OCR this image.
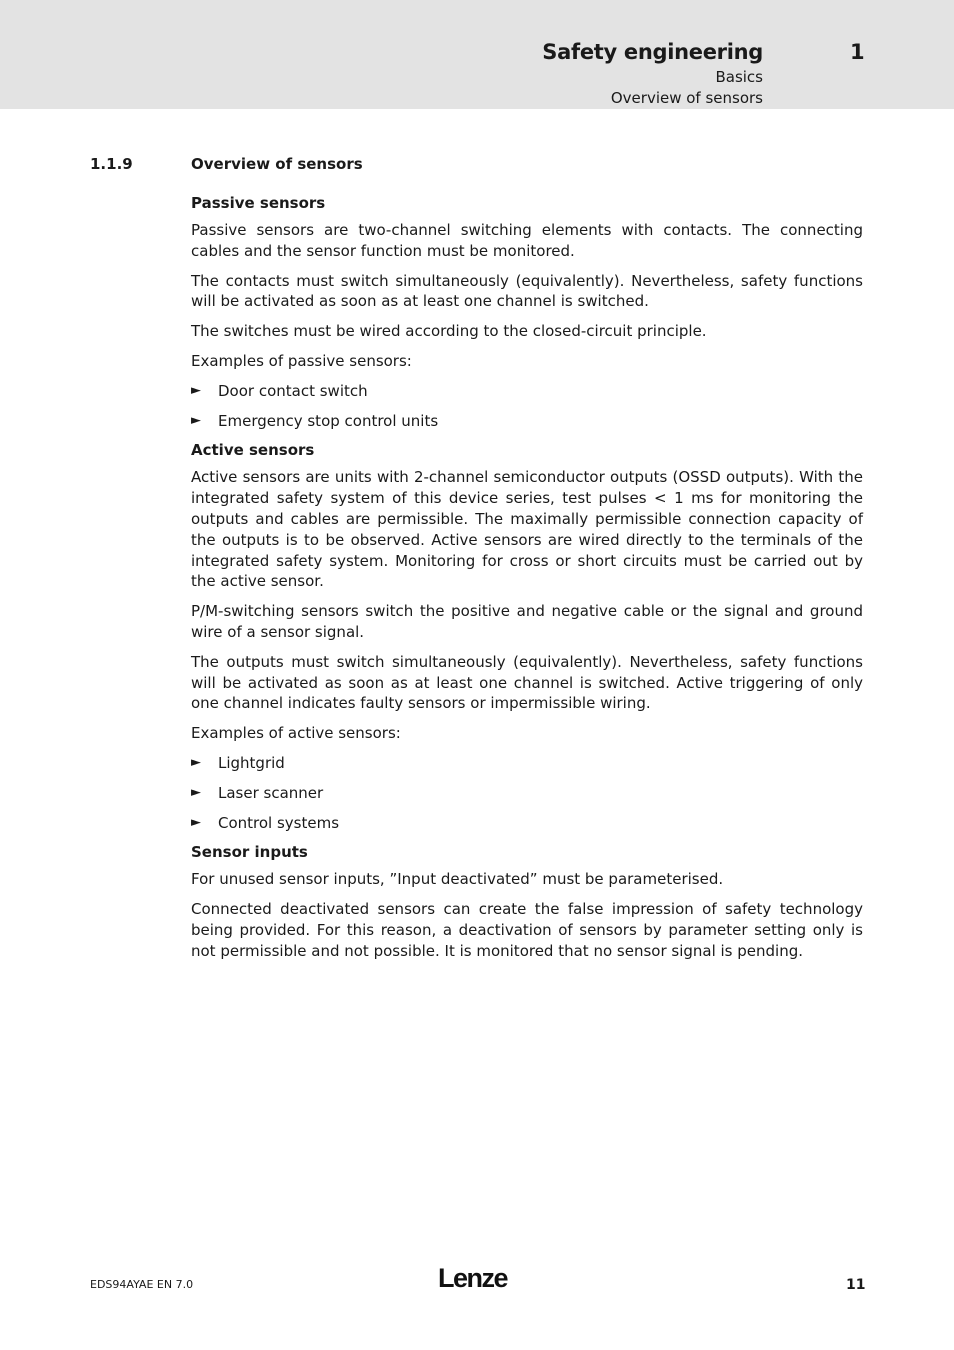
Safety engineering	1
Basics
Overview of sensors
1.1.9	Overview of sensors
Passive sensors

Passive sensors are two-channel switching elements with contacts. The connecting cables and the sensor function must be monitored.

The contacts must switch simultaneously (equivalently). Nevertheless, safety functions will be activated as soon as at least one channel is switched.

The switches must be wired according to the closed-circuit principle.

Examples of passive sensors:

► Door contact switch
► Emergency stop control units
Active sensors

Active sensors are units with 2-channel semiconductor outputs (OSSD outputs). With the integrated safety system of this device series, test pulses < 1 ms for monitoring the outputs and cables are permissible. The maximally permissible connection capacity of the outputs is to be observed. Active sensors are wired directly to the terminals of the integrated safety system. Monitoring for cross or short circuits must be carried out by the active sensor.

P/M-switching sensors switch the positive and negative cable or the signal and ground wire of a sensor signal.

The outputs must switch simultaneously (equivalently). Nevertheless, safety functions will be activated as soon as at least one channel is switched. Active triggering of only one channel indicates faulty sensors or impermissible wiring.

Examples of active sensors:

► Lightgrid
► Laser scanner
► Control systems
Sensor inputs

For unused sensor inputs, ”Input deactivated” must be parameterised.

Connected deactivated sensors can create the false impression of safety technology being provided. For this reason, a deactivation of sensors by parameter setting only is not permissible and not possible. It is monitored that no sensor signal is pending.

EDS94AYAE EN 7.0	Lenze	11
